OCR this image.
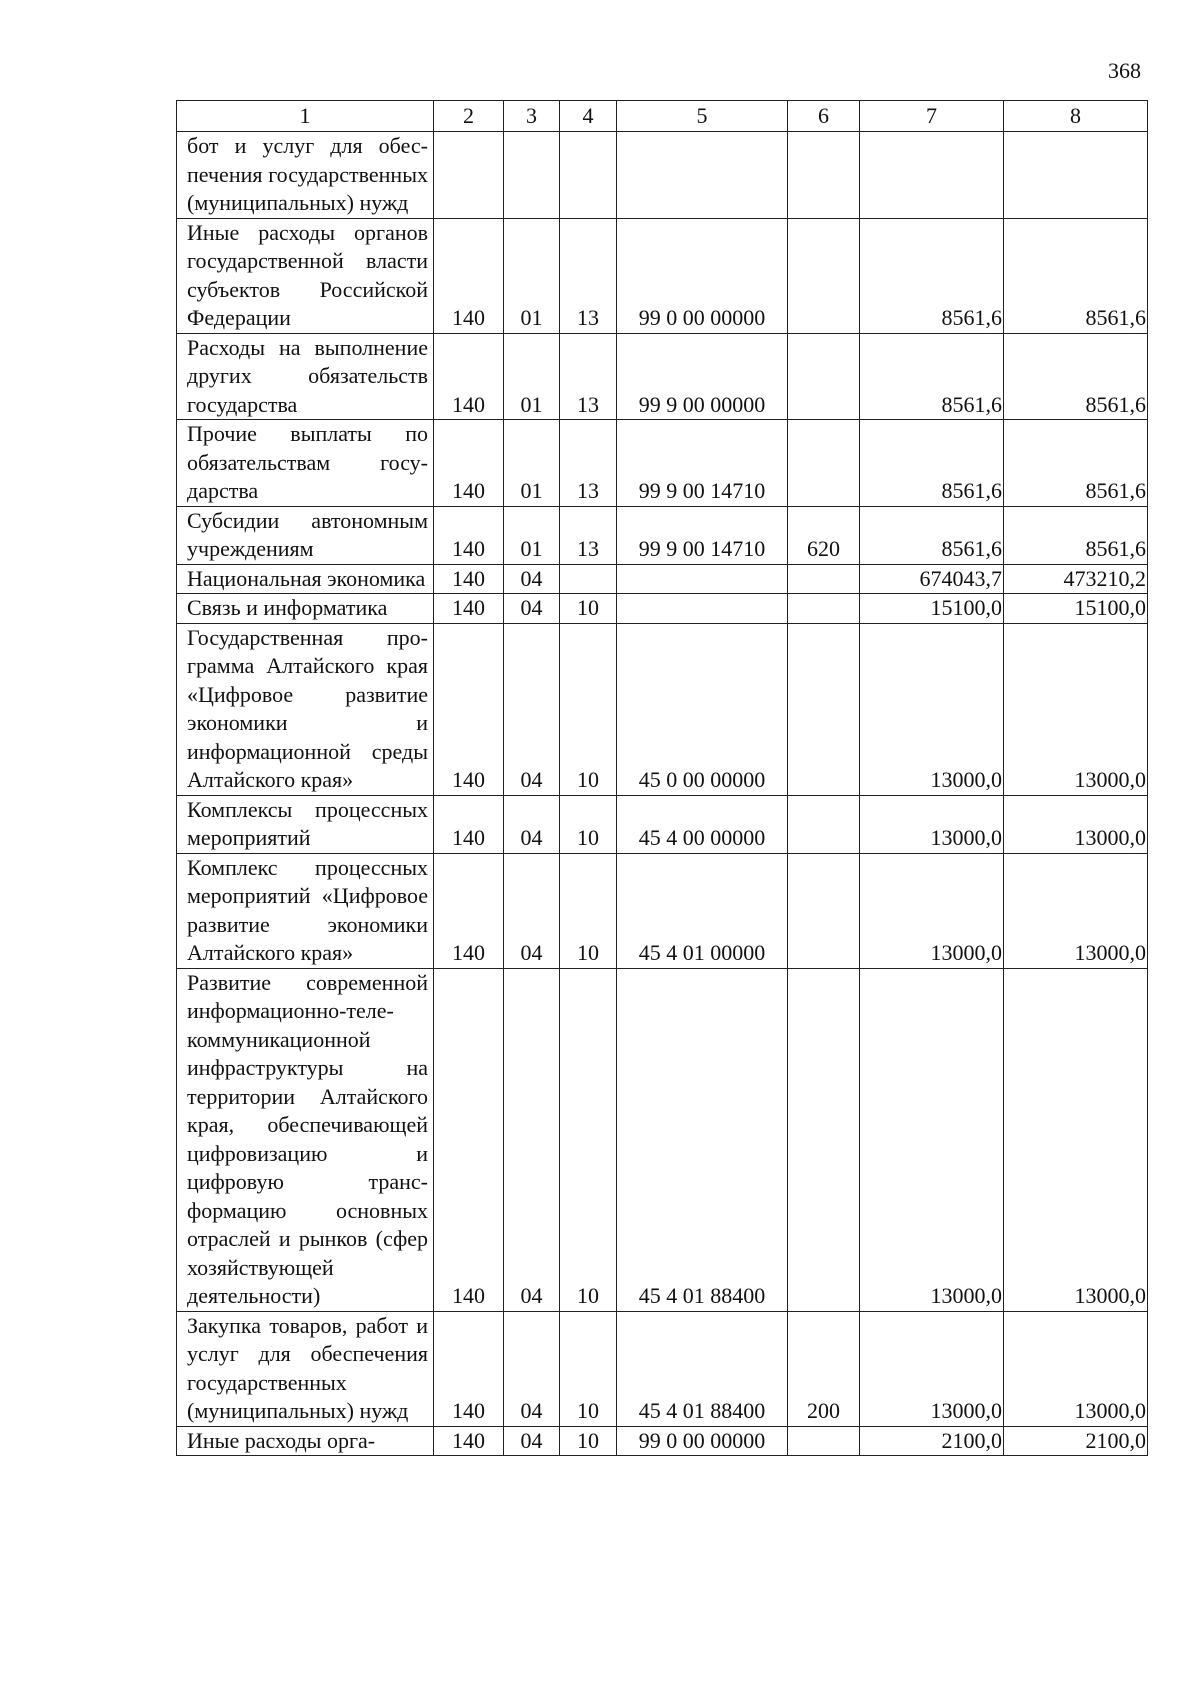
368
1	2	3	4	5	6	7	8
бот и услуг для обеспечения государственных (муниципальных) нужд							
Иные расходы органов государственной власти субъектов Российской Федерации	140	01	13	99 0 00 00000		8561,6	8561,6
Расходы на выполнение других обязательств государства	140	01	13	99 9 00 00000		8561,6	8561,6
Прочие выплаты по обязательствам государства	140	01	13	99 9 00 14710		8561,6	8561,6
Субсидии автономным учреждениям	140	01	13	99 9 00 14710	620	8561,6	8561,6
Национальная экономика	140	04				674043,7	473210,2
Связь и информатика	140	04	10			15100,0	15100,0
Государственная программа Алтайского края «Цифровое развитие экономики и информационной среды Алтайского края»	140	04	10	45 0 00 00000		13000,0	13000,0
Комплексы процессных мероприятий	140	04	10	45 4 00 00000		13000,0	13000,0
Комплекс процессных мероприятий «Цифровое развитие экономики Алтайского края»	140	04	10	45 4 01 00000		13000,0	13000,0
Развитие современной информационно-телекоммуникационной инфраструктуры на территории Алтайского края, обеспечивающей цифровизацию и цифровую трансформацию основных отраслей и рынков (сфер хозяйствующей деятельности)	140	04	10	45 4 01 88400		13000,0	13000,0
Закупка товаров, работ и услуг для обеспечения государственных (муниципальных) нужд	140	04	10	45 4 01 88400	200	13000,0	13000,0
Иные расходы орга-	140	04	10	99 0 00 00000		2100,0	2100,0
